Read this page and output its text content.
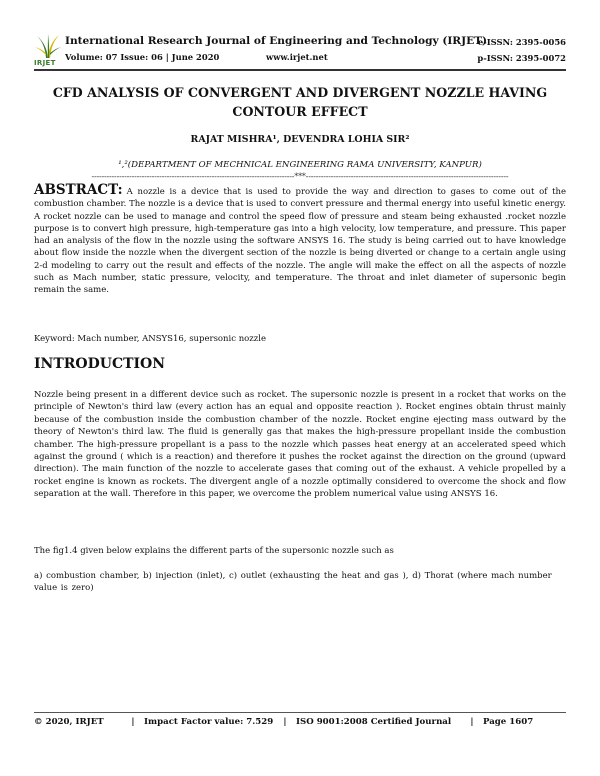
IRJET
International Research Journal of Engineering and Technology (IRJET)
Volume: 07 Issue: 06 | June 2020	www.irjet.net
e-ISSN: 2395-0056
p-ISSN: 2395-0072
CFD ANALYSIS OF CONVERGENT AND DIVERGENT NOZZLE HAVING CONTOUR EFFECT
RAJAT MISHRA¹, DEVENDRA LOHIA SIR²
¹,²(DEPARTMENT OF MECHNICAL ENGINEERING RAMA UNIVERSITY, KANPUR)
---------------------------------------------------------------------------------***---------------------------------------------------------------------------------
ABSTRACT: A nozzle is a device that is used to provide the way and direction to gases to come out of the combustion chamber. The nozzle is a device that is used to convert pressure and thermal energy into useful kinetic energy. A rocket nozzle can be used to manage and control the speed flow of pressure and steam being exhausted .rocket nozzle purpose is to convert high pressure, high-temperature gas into a high velocity, low temperature, and pressure. This paper had an analysis of the flow in the nozzle using the software ANSYS 16. The study is being carried out to have knowledge about flow inside the nozzle when the divergent section of the nozzle is being diverted or change to a certain angle using 2-d modeling to carry out the result and effects of the nozzle. The angle will make the effect on all the aspects of nozzle such as Mach number, static pressure, velocity, and temperature. The throat and inlet diameter of supersonic begin remain the same.
Keyword: Mach number, ANSYS16, supersonic nozzle
INTRODUCTION
Nozzle being present in a different device such as rocket. The supersonic nozzle is present in a rocket that works on the principle of Newton's third law (every action has an equal and opposite reaction ). Rocket engines obtain thrust mainly because of the combustion inside the combustion chamber of the nozzle. Rocket engine ejecting mass outward by the theory of Newton's third law. The fluid is generally gas that makes the high-pressure propellant inside the combustion chamber. The high-pressure propellant is a pass to the nozzle which passes heat energy at an accelerated speed which against the ground ( which is a reaction) and therefore it pushes the rocket against the direction on the ground (upward direction). The main function of the nozzle to accelerate gases that coming out of the exhaust. A vehicle propelled by a rocket engine is known as rockets. The divergent angle of a nozzle optimally considered to overcome the shock and flow separation at the wall. Therefore in this paper, we overcome the problem numerical value using ANSYS 16.
The fig1.4 given below explains the different parts of the supersonic nozzle such as
a) combustion chamber, b) injection (inlet), c) outlet (exhausting the heat and gas ), d) Thorat (where mach number value is zero)
© 2020, IRJET	| Impact Factor value: 7.529 | ISO 9001:2008 Certified Journal | Page 1607
